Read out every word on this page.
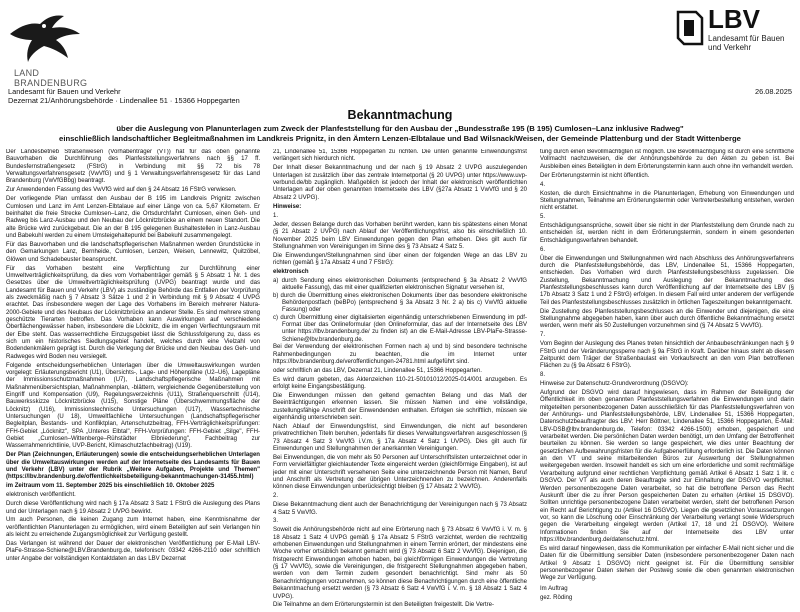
LAND BRANDENBURG
LBV
Landesamt für Bauen
und Verkehr
Landesamt für Bauen und Verkehr
Dezernat 21/Anhörungsbehörde · Lindenallee 51 · 15366 Hoppegarten
26.08.2025
Bekanntmachung
über die Auslegung von Planunterlagen zum Zweck der Planfeststellung für den Ausbau der „Bundesstraße 195 (B 195) Cumlosen–Lanz inklusive Radweg"
einschließlich landschaftlicher Begleitmaßnahmen im Landkreis Prignitz, in den Ämtern Lenzen-Elbtalaue und Bad Wilsnack/Weisen, der Gemeinde Plattenburg und der Stadt Wittenberge

Der Landesbetrieb Straßenwesen (Vorhabenträger (VT)) hat für das oben genannte Bauvorhaben die Durchführung des Planfeststellungsverfahrens nach §§ 17 ff. Bundesfernstraßengesetz (FStrG) in Verbindung mit §§ 72 bis 78 Verwaltungsverfahrensgesetz (VwVfG) und § 1 Verwaltungsverfahrensgesetz für das Land Brandenburg (VwVfGBbg) beantragt.

Zur Anwendenden Fassung des VwVfG wird auf den § 24 Absatz 16 FStrG verwiesen.

Der vorliegende Plan umfasst den Ausbau der B 195 im Landkreis Prignitz zwischen Cumlosen und Lanz im Amt Lenzen-Elbtalaue auf einer Länge von ca. 5,67 Kilometern. Er beinhaltet die freie Strecke Cumlosen–Lanz, die Ortsdurchfahrt Cumlosen, einen Geh- und Radweg bis Lanz-Ausbau und den Neubau der Löcknitzbrücke an einem neuen Standort. Die alte Brücke wird zurückgebaut. Die an der B 195 gelegenen Bushaltestellen in Lanz-Ausbau und Babekuhl werden zu einem Umsteigehaltepunkt bei Babekuhl zusammengelegt.

Für das Bauvorhaben und die landschaftspflegerischen Maßnahmen werden Grundstücke in den Gemarkungen Lanz, Bernheide, Cumlosen, Lenzen, Weisen, Lennewitz, Quitzöbel, Glöwen und Schadebeuster beansprucht.

Für das Vorhaben besteht eine Verpflichtung zur Durchführung einer Umweltverträglichkeitsprüfung, da dies vom Vorhabenträger gemäß § 5 Absatz 1 Nr. 1 des Gesetzes über die Umweltverträglichkeitsprüfung (UVPG) beantragt wurde und das Landesamt für Bauen und Verkehr (LBV) als zuständige Behörde das Entfallen der Vorprüfung als zweckmäßig nach § 7 Absatz 3 Sätze 1 und 2 in Verbindung mit § 9 Absatz 4 UVPG erachtet. Das insbesondere wegen der Lage des Vorhabens im Bereich mehrerer Natura-2000-Gebiete und des Neubaus der Löcknitzbrücke an anderer Stelle. Es sind mehrere streng geschützte Tierarten betroffen. Das Vorhaben kann Auswirkungen auf verschiedene Oberflächengewässer haben, insbesondere die Löcknitz, die im engen Verflechtungsraum mit der Elbe steht. Das wasserrechtliche Einzugsgebiet lässt die Schlussfolgerung zu, dass es sich um ein historisches Siedlungsgebiet handelt, welches durch eine Vielzahl von Bodendenkmälern geprägt ist. Durch die Verlegung der Brücke und den Neubau des Geh- und Radweges wird Boden neu versiegelt.

Folgende entscheidungserheblichen Unterlagen über die Umweltauswirkungen wurden vorgelegt: Erläuterungsbericht (U1), Übersichts-, Lage- und Höhenpläne (U2–U6), Lagepläne der Immissionsschutzmaßnahmen (U7), Landschaftspflegerische Maßnahmen mit Maßnahmenübersichtsplan, Maßnahmenplan, -blättern, vergleichende Gegenüberstellung von Eingriff und Kompensation (U9), Regelungsverzeichnis (U11), Straßenquerschnitt (U14), Bauwerksskizze Löcknitzbrücke (U15), Sonstige Pläne (Überschwemmungsfläche der Löcknitz) (U16), Immissionstechnische Untersuchungen (U17), Wassertechnische Untersuchungen (U 18), Umweltfachliche Untersuchungen (Landschaftspflegerischer Begleitplan, Bestands- und Konfliktplan, Artenschutzbeitrag, FFH-Verträglichkeitsprüfungen: FFH-Gebiet „Löcknitz", SPA „Unteres Elbtal", FFH-Vorprüfungen: FFH-Gebiet „Silge", FFH-Gebiet „Cumlosen–Wittenberge–Rühstädter Elbniederung", Fachbeitrag zur Wasserrahmenrichtlinie, UVP-Bericht, Klimaschutzfachbeitrag) (U19).

Der Plan (Zeichnungen, Erläuterungen) sowie die entscheidungserheblichen Unterlagen über die Umweltauswirkungen werden auf der Internetseite des Landesamts für Bauen und Verkehr (LBV) unter der Rubrik „Weitere Aufgaben, Projekte und Themen" (https://lbv.brandenburg.de/offentlichkeitsbeteiligung-bekanntmachungen-31455.html)

im Zeitraum vom 11. September 2025 bis einschließlich 10. Oktober 2025

elektronisch veröffentlicht.

Durch diese Veröffentlichung wird nach § 17a Absatz 3 Satz 1 FStrG die Auslegung des Plans und der Unterlagen nach § 19 Absatz 2 UVPG bewirkt.

Um auch Personen, die keinen Zugang zum Internet haben, eine Kenntnisnahme der veröffentlichten Planunterlagen zu ermöglichen, wird einem Beteiligten auf sein Verlangen hin als leicht zu erreichende Zugangsmöglichkeit zur Verfügung gestellt.

Das Verlangen ist während der Dauer der elektronischen Veröffentlichung per E-Mail LBV-PlaFe-Strasse-Schiene@LBV.Brandenburg.de, telefonisch: 03342 4266-2110 oder schriftlich unter Angabe der vollständigen Kontaktdaten an das LBV Dezernat

21, Lindenallee 51, 15366 Hoppegarten zu richten. Die unten genannte Einwendungsfrist verlängert sich hierdurch nicht.

Der Inhalt dieser Bekanntmachung und der nach § 19 Absatz 2 UVPG auszulegenden Unterlagen ist zusätzlich über das zentrale Internetportal (§ 20 UVPG) unter https://www.uvp-verbund.de/bb zugänglich. Maßgeblich ist jedoch der Inhalt der elektronisch veröffentlichten Unterlagen auf der oben genannten Internetseite des LBV (§27a Absatz 1 VwVfG und § 20 Absatz 2 UVPG).

Hinweise:

1.

Jeder, dessen Belange durch das Vorhaben berührt werden, kann bis spätestens einen Monat (§ 21 Absatz 2 UVPG) nach Ablauf der Veröffentlichungsfrist, also bis einschließlich 10. November 2025 beim LBV Einwendungen gegen den Plan erheben. Dies gilt auch für Stellungnahmen von Vereinigungen im Sinne des § 73 Absatz 4 Satz 5.

Die Einwendungen/Stellungnahmen sind über einen der folgenden Wege an das LBV zu richten (gemäß § 17a Absatz 4 und 7 FStrG):

elektronisch

a) durch Sendung eines elektronischen Dokuments (entsprechend § 3a Absatz 2 VwVfG aktuelle Fassung), das mit einer qualifizierten elektronischen Signatur versehen ist,

b) durch die Übermittlung eines elektronischen Dokuments über das besondere elektronische Behördenpostfach (beBPo) (entsprechend § 3a Absatz 3 Nr. 2 a) bis c) VwVfG aktuelle Fassung) oder

c) durch Übermittlung einer digitalisierten eigenhändig unterschriebenen Einwendung im pdf-Format über das Onlineformular (den Onlineformular, das auf der Internetseite des LBV unter https://lbv.brandenburg.de/ zu finden ist) an die E-Mail-Adresse LBV-PlaFe-Strasse-Schiene@lbv.brandenburg.de.

Bei der Verwendung der elektronischen Formen nach a) und b) sind besondere technische Rahmenbedingungen zu beachten, die im Internet unter https://lbv.brandenburg.de/veroffentlichungen-24781.html aufgeführt sind.

oder schriftlich an das LBV, Dezernat 21, Lindenallee 51, 15366 Hoppegarten.

Es wird darum gebeten, das Aktenzeichen 110-21-50101012/2025-014/001 anzugeben. Es erfolgt keine Eingangsbestätigung.

Die Einwendungen müssen den geltend gemachten Belang und das Maß der Beeinträchtigungen erkennen lassen. Sie müssen Namen und eine vollständige, zustellungsfähige Anschrift der Einwendenden enthalten. Erfolgen sie schriftlich, müssen sie eigenhändig unterschrieben sein.

Nach Ablauf der Einwendungsfrist, sind Einwendungen, die nicht auf besonderen privatrechtlichen Titeln beruhen, jedenfalls für dieses Verwaltungsverfahren ausgeschlossen (§ 73 Absatz 4 Satz 3 VwVfG i.V.m. § 17a Absatz 4 Satz 1 UVPG). Dies gilt auch für Einwendungen und Stellungnahmen der anerkannten Vereinigungen.

Bei Einwendungen, die von mehr als 50 Personen auf Unterschriftslisten unterzeichnet oder in Form vervielfältigter gleichlautender Texte eingereicht werden (gleichförmige Eingaben), ist auf jeder mit einer Unterschrift versehenen Seite eine unterzeichnende Person mit Namen, Beruf und Anschrift als Vertretung der übrigen Unterzeichnenden zu bezeichnen. Anderenfalls können diese Einwendungen unberücksichtigt bleiben (§ 17 Absatz 2 VwVfG).

2.

Diese Bekanntmachung dient auch der Benachrichtigung der Vereinigungen nach § 73 Absatz 4 Satz 5 VwVfG.

3.

Soweit die Anhörungsbehörde nicht auf eine Erörterung nach § 73 Absatz 6 VwVfG i. V. m. § 18 Absatz 1 Satz 4 UVPG gemäß § 17a Absatz 5 FStrG verzichtet, werden die rechtzeitig erhobenen Einwendungen und Stellungnahmen in einem Termin erörtert, der mindestens eine Woche vorher ortsüblich bekannt gemacht wird (§ 73 Absatz 6 Satz 2 VwVfG). Diejenigen, die fristgerecht Einwendungen erhoben haben, bei gleichförmigen Einwendungen die Vertretung (§ 17 VwVfG), sowie die Vereinigungen, die fristgerecht Stellungnahmen abgegeben haben, werden von dem Termin zudem gesondert benachrichtigt. Sind mehr als 50 Benachrichtigungen vorzunehmen, so können diese Benachrichtigungen durch eine öffentliche Bekanntmachung ersetzt werden (§ 73 Absatz 6 Satz 4 VwVfG i. V. m. § 18 Absatz 1 Satz 4 UVPG).

Die Teilnahme an dem Erörterungstermin ist den Beteiligten freigestellt. Die Vertre-

tung durch einen Bevollmächtigten ist möglich. Die Bevollmächtigung ist durch eine schriftliche Vollmacht nachzuweisen, die der Anhörungsbehörde zu den Akten zu geben ist. Bei Ausbleiben eines Beteiligten in dem Erörterungstermin kann auch ohne ihn verhandelt werden.

Der Erörterungstermin ist nicht öffentlich.

4.

Kosten, die durch Einsichtnahme in die Planunterlagen, Erhebung von Einwendungen und Stellungnahmen, Teilnahme am Erörterungstermin oder Vertreterbestellung entstehen, werden nicht erstattet.

5.

Entschädigungsansprüche, soweit über sie nicht in der Planfeststellung dem Grunde nach zu entscheiden ist, werden nicht in dem Erörterungstermin, sondern in einem gesonderten Entschädigungsverfahren behandelt.

6.

Über die Einwendungen und Stellungnahmen wird nach Abschluss des Anhörungsverfahrens durch die Planfeststellungsbehörde, das LBV, Lindenallee 51, 15366 Hoppegarten, entschieden. Das Vorhaben wird durch Planfeststellungsbeschluss zugelassen. Die Zustellung, Bekanntmachung und Auslegung der Bekanntmachung des Planfeststellungsbeschlusses kann durch Veröffentlichung auf der Internetseite des LBV (§ 17b Absatz 3 Satz 1 und 2 FStrG) erfolgen. In diesem Fall wird unter anderem der verfügende Teil des Planfeststellungsbeschlusses zusätzlich in örtlichen Tageszeitungen bekanntgemacht.

Die Zustellung des Planfeststellungsbeschlusses an die Einwender und diejenigen, die eine Stellungnahme abgegeben haben, kann über auch durch öffentliche Bekanntmachung ersetzt werden, wenn mehr als 50 Zustellungen vorzunehmen sind (§ 74 Absatz 5 VwVfG).

7.

Vom Beginn der Auslegung des Planes treten hinsichtlich der Anbaubeschränkungen nach § 9 FStrG und der Veränderungssperre nach § 9a FStrG in Kraft. Darüber hinaus steht ab diesem Zeitpunkt dem Träger der Straßenbaulast ein Vorkaufsrecht an den vom Plan betroffenen Flächen zu (§ 9a Absatz 6 FStrG).

8.

Hinweise zur Datenschutz-Grundverordnung (DSGVO):

Aufgrund der DSGVO wird darauf hingewiesen, dass im Rahmen der Beteiligung der Öffentlichkeit im oben genannten Planfeststellungsverfahren die Einwendungen und darin mitgeteilten personenbezogenen Daten ausschließlich für das Planfeststellungsverfahren von der Anhörungs- und Planfeststellungsbehörde, LBV, Lindenallee 51, 15366 Hoppegarten, Datenschutzbeauftragter des LBV: Herr Böttner, Lindenallee 51, 15366 Hoppegarten, E-Mail: LBV-DSB@lbv.brandenburg.de, Telefon: 03342 4266-1500) erhoben, gespeichert und verarbeitet werden. Die persönlichen Daten werden benötigt, um den Umfang der Betroffenheit beurteilen zu können. Sie werden so lange gespeichert, wie dies unter Beachtung der gesetzlichen Aufbewahrungsfristen für die Aufgabenerfüllung erforderlich ist. Die Daten können an den VT und seine mitarbeitenden Büros zur Auswertung der Stellungnahmen weitergegeben werden. Insoweit handelt es sich um eine erforderliche und somit rechtmäßige Verarbeitung aufgrund einer rechtlichen Verpflichtung gemäß Artikel 6 Absatz 1 Satz 1 lit. c DSGVO. Der VT als auch deren Beauftragte sind zur Einhaltung der DSGVO verpflichtet. Werden personenbezogene Daten verarbeitet, so hat die betroffene Person das Recht Auskunft über die zu ihrer Person gespeicherten Daten zu erhalten (Artikel 15 DSGVO). Sollten unrichtige personenbezogene Daten verarbeitet werden, steht der betroffenen Person ein Recht auf Berichtigung zu (Artikel 16 DSGVO). Liegen die gesetzlichen Voraussetzungen vor, so kann die Löschung oder Einschränkung der Verarbeitung verlangt sowie Widerspruch gegen die Verarbeitung eingelegt werden (Artikel 17, 18 und 21 DSGVO). Weitere Informationen finden Sie auf der Internetseite des LBV unter https://lbv.brandenburg.de/datenschutz.html.

Es wird darauf hingewiesen, dass die Kommunikation per einfacher E-Mail nicht sicher und die Daten für die Übermittlung sensibler Daten (insbesondere personenbezogener Daten nach Artikel 9 Absatz 1 DSGVO) nicht geeignet ist. Für die Übermittlung sensibler personenbezogener Daten stehen der Postweg sowie die oben genannten elektronischen Wege zur Verfügung.

Im Auftrag

gez. Röding
